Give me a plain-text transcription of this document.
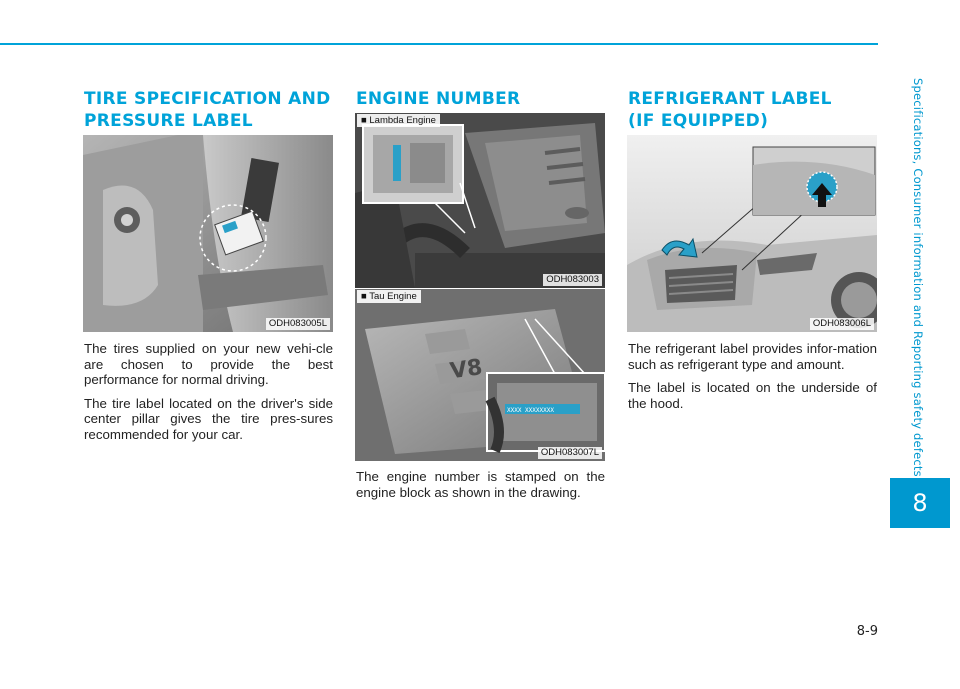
Specifications, Consumer information and Reporting safety defects
8
8-9
TIRE SPECIFICATION AND
PRESSURE LABEL
ODH083005L

The tires supplied on your new vehi-cle are chosen to provide the best performance for normal driving.

The tire label located on the driver's side center pillar gives the tire pres-sures recommended for your car.

ENGINE NUMBER
■ Lambda Engine
ODH083003
V8
XXXX XXXXXXXX
■ Tau Engine
ODH083007L

The engine number is stamped on the engine block as shown in the drawing.

REFRIGERANT LABEL
(IF EQUIPPED)
ODH083006L

The refrigerant label provides infor-mation such as refrigerant type and amount.

The label is located on the underside of the hood.
